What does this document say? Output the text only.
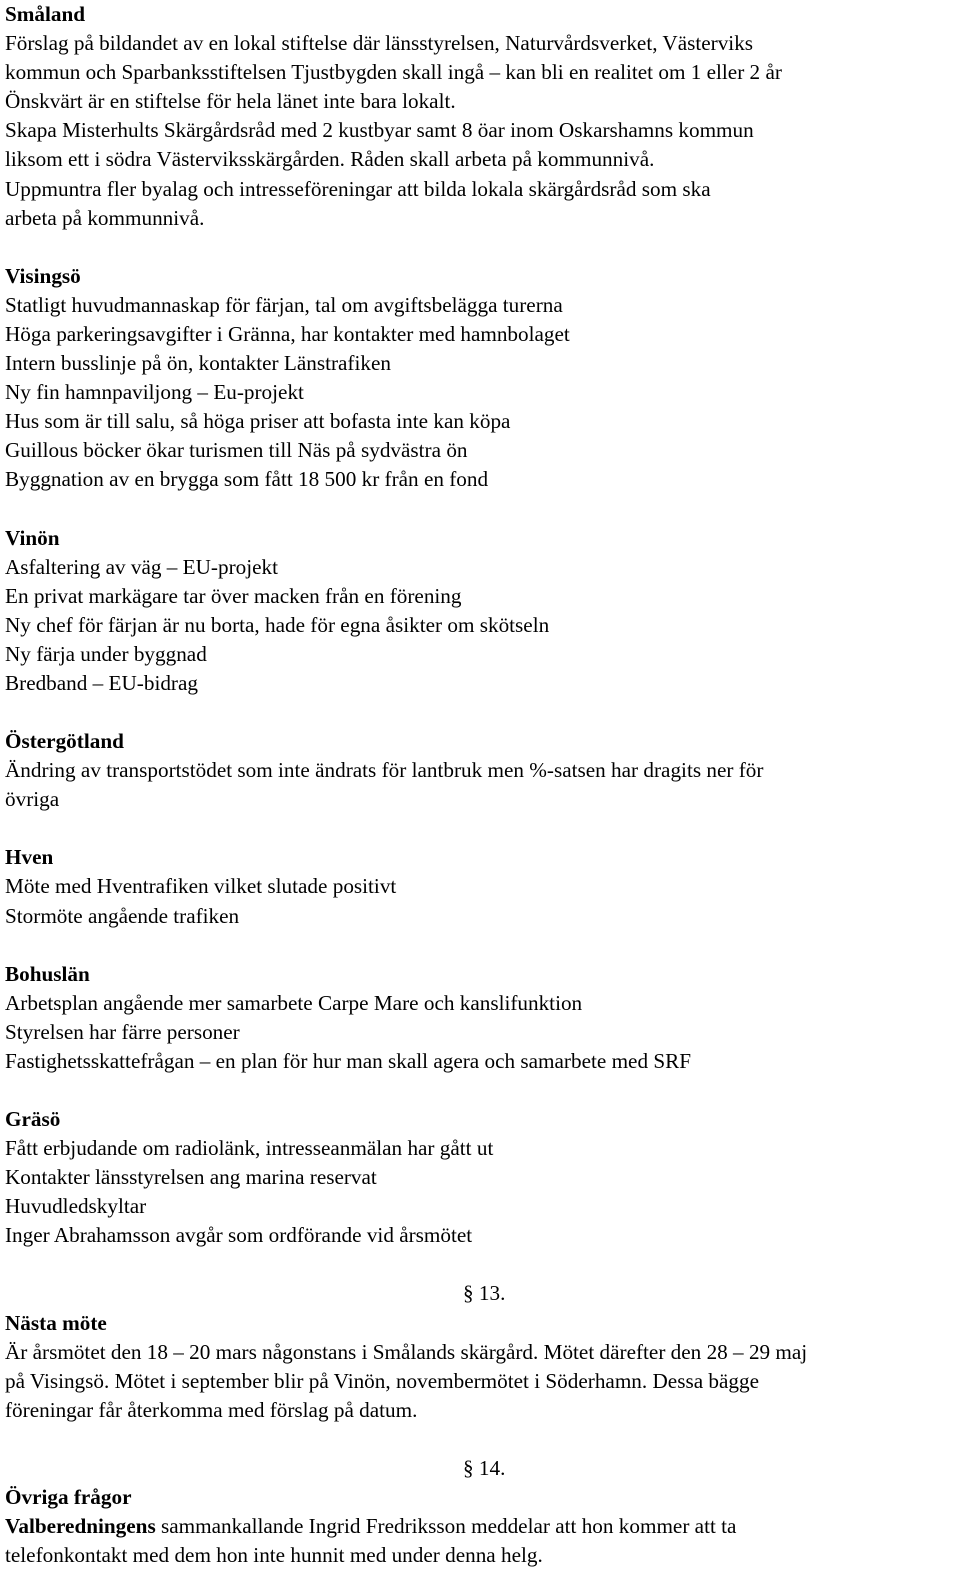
Småland
Förslag på bildandet av en lokal stiftelse där länsstyrelsen, Naturvårdsverket, Västerviks
kommun och Sparbanksstiftelsen Tjustbygden skall ingå – kan bli en realitet om 1 eller 2 år
Önskvärt är en stiftelse för hela länet inte bara lokalt.
Skapa Misterhults Skärgårdsråd med 2 kustbyar samt 8 öar inom Oskarshamns kommun
liksom ett i södra Västerviksskärgården. Råden skall arbeta på kommunnivå.
Uppmuntra fler byalag och intresseföreningar att bilda lokala skärgårdsråd som ska
arbeta på kommunnivå.
Visingsö
Statligt huvudmannaskap för färjan, tal om avgiftsbelägga turerna
Höga parkeringsavgifter i Gränna, har kontakter med hamnbolaget
Intern busslinje på ön, kontakter Länstrafiken
Ny fin hamnpaviljong – Eu-projekt
Hus som är till salu, så höga priser att bofasta inte kan köpa
Guillous böcker ökar turismen till Näs på sydvästra ön
Byggnation av en brygga som fått 18 500 kr från en fond
Vinön
Asfaltering av väg – EU-projekt
En privat markägare tar över macken från en förening
Ny chef för färjan är nu borta, hade för egna åsikter om skötseln
Ny färja under byggnad
Bredband – EU-bidrag
Östergötland
Ändring av transportstödet som inte ändrats för lantbruk men %-satsen har dragits ner för
övriga
Hven
Möte med Hventrafiken vilket slutade positivt
Stormöte angående trafiken
Bohuslän
Arbetsplan angående mer samarbete Carpe Mare och kanslifunktion
Styrelsen har färre personer
Fastighetsskattefrågan – en plan för hur man skall agera och samarbete med SRF
Gräsö
Fått erbjudande om radiolänk, intresseanmälan har gått ut
Kontakter länsstyrelsen ang marina reservat
Huvudledskyltar
Inger Abrahamsson avgår som ordförande vid årsmötet
§ 13.
Nästa möte
Är årsmötet den 18 – 20 mars någonstans i Smålands skärgård. Mötet därefter den 28 – 29 maj
på Visingsö. Mötet i september blir på Vinön, novembermötet i Söderhamn. Dessa bägge
föreningar får återkomma med förslag på datum.
§ 14.
Övriga frågor
Valberedningens sammankallande Ingrid Fredriksson meddelar att hon kommer att ta
telefonkontakt med dem hon inte hunnit med under denna helg.
